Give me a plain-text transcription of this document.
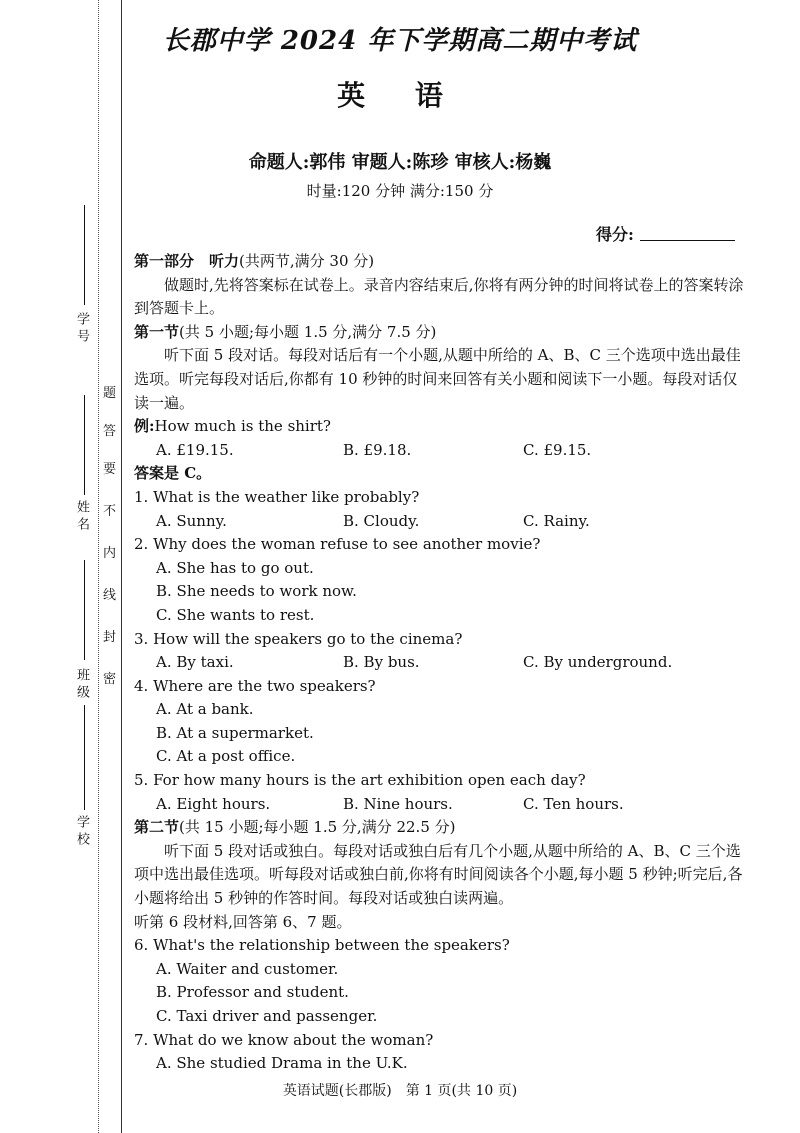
学 号
姓 名
班 级
学 校
密
封
线
内
不
要
答
题
长郡中学 2024 年下学期高二期中考试
英 语
命题人:郭伟 审题人:陈珍 审核人:杨巍
时量:120 分钟 满分:150 分
得分:

第一部分　听力(共两节,满分 30 分)

做题时,先将答案标在试卷上。录音内容结束后,你将有两分钟的时间将试卷上的答案转涂到答题卡上。

第一节(共 5 小题;每小题 1.5 分,满分 7.5 分)

听下面 5 段对话。每段对话后有一个小题,从题中所给的 A、B、C 三个选项中选出最佳选项。听完每段对话后,你都有 10 秒钟的时间来回答有关小题和阅读下一小题。每段对话仅读一遍。

例:How much is the shirt?

A. £19.15.	B. £9.18.	C. £9.15.

答案是 C。

1. What is the weather like probably?

A. Sunny.	B. Cloudy.	C. Rainy.

2. Why does the woman refuse to see another movie?

A. She has to go out.

B. She needs to work now.

C. She wants to rest.

3. How will the speakers go to the cinema?

A. By taxi.	B. By bus.	C. By underground.

4. Where are the two speakers?

A. At a bank.

B. At a supermarket.

C. At a post office.

5. For how many hours is the art exhibition open each day?

A. Eight hours.	B. Nine hours.	C. Ten hours.

第二节(共 15 小题;每小题 1.5 分,满分 22.5 分)

听下面 5 段对话或独白。每段对话或独白后有几个小题,从题中所给的 A、B、C 三个选项中选出最佳选项。听每段对话或独白前,你将有时间阅读各个小题,每小题 5 秒钟;听完后,各小题将给出 5 秒钟的作答时间。每段对话或独白读两遍。

听第 6 段材料,回答第 6、7 题。

6. What's the relationship between the speakers?

A. Waiter and customer.

B. Professor and student.

C. Taxi driver and passenger.

7. What do we know about the woman?

A. She studied Drama in the U.K.

英语试题(长郡版)　第 1 页(共 10 页)
